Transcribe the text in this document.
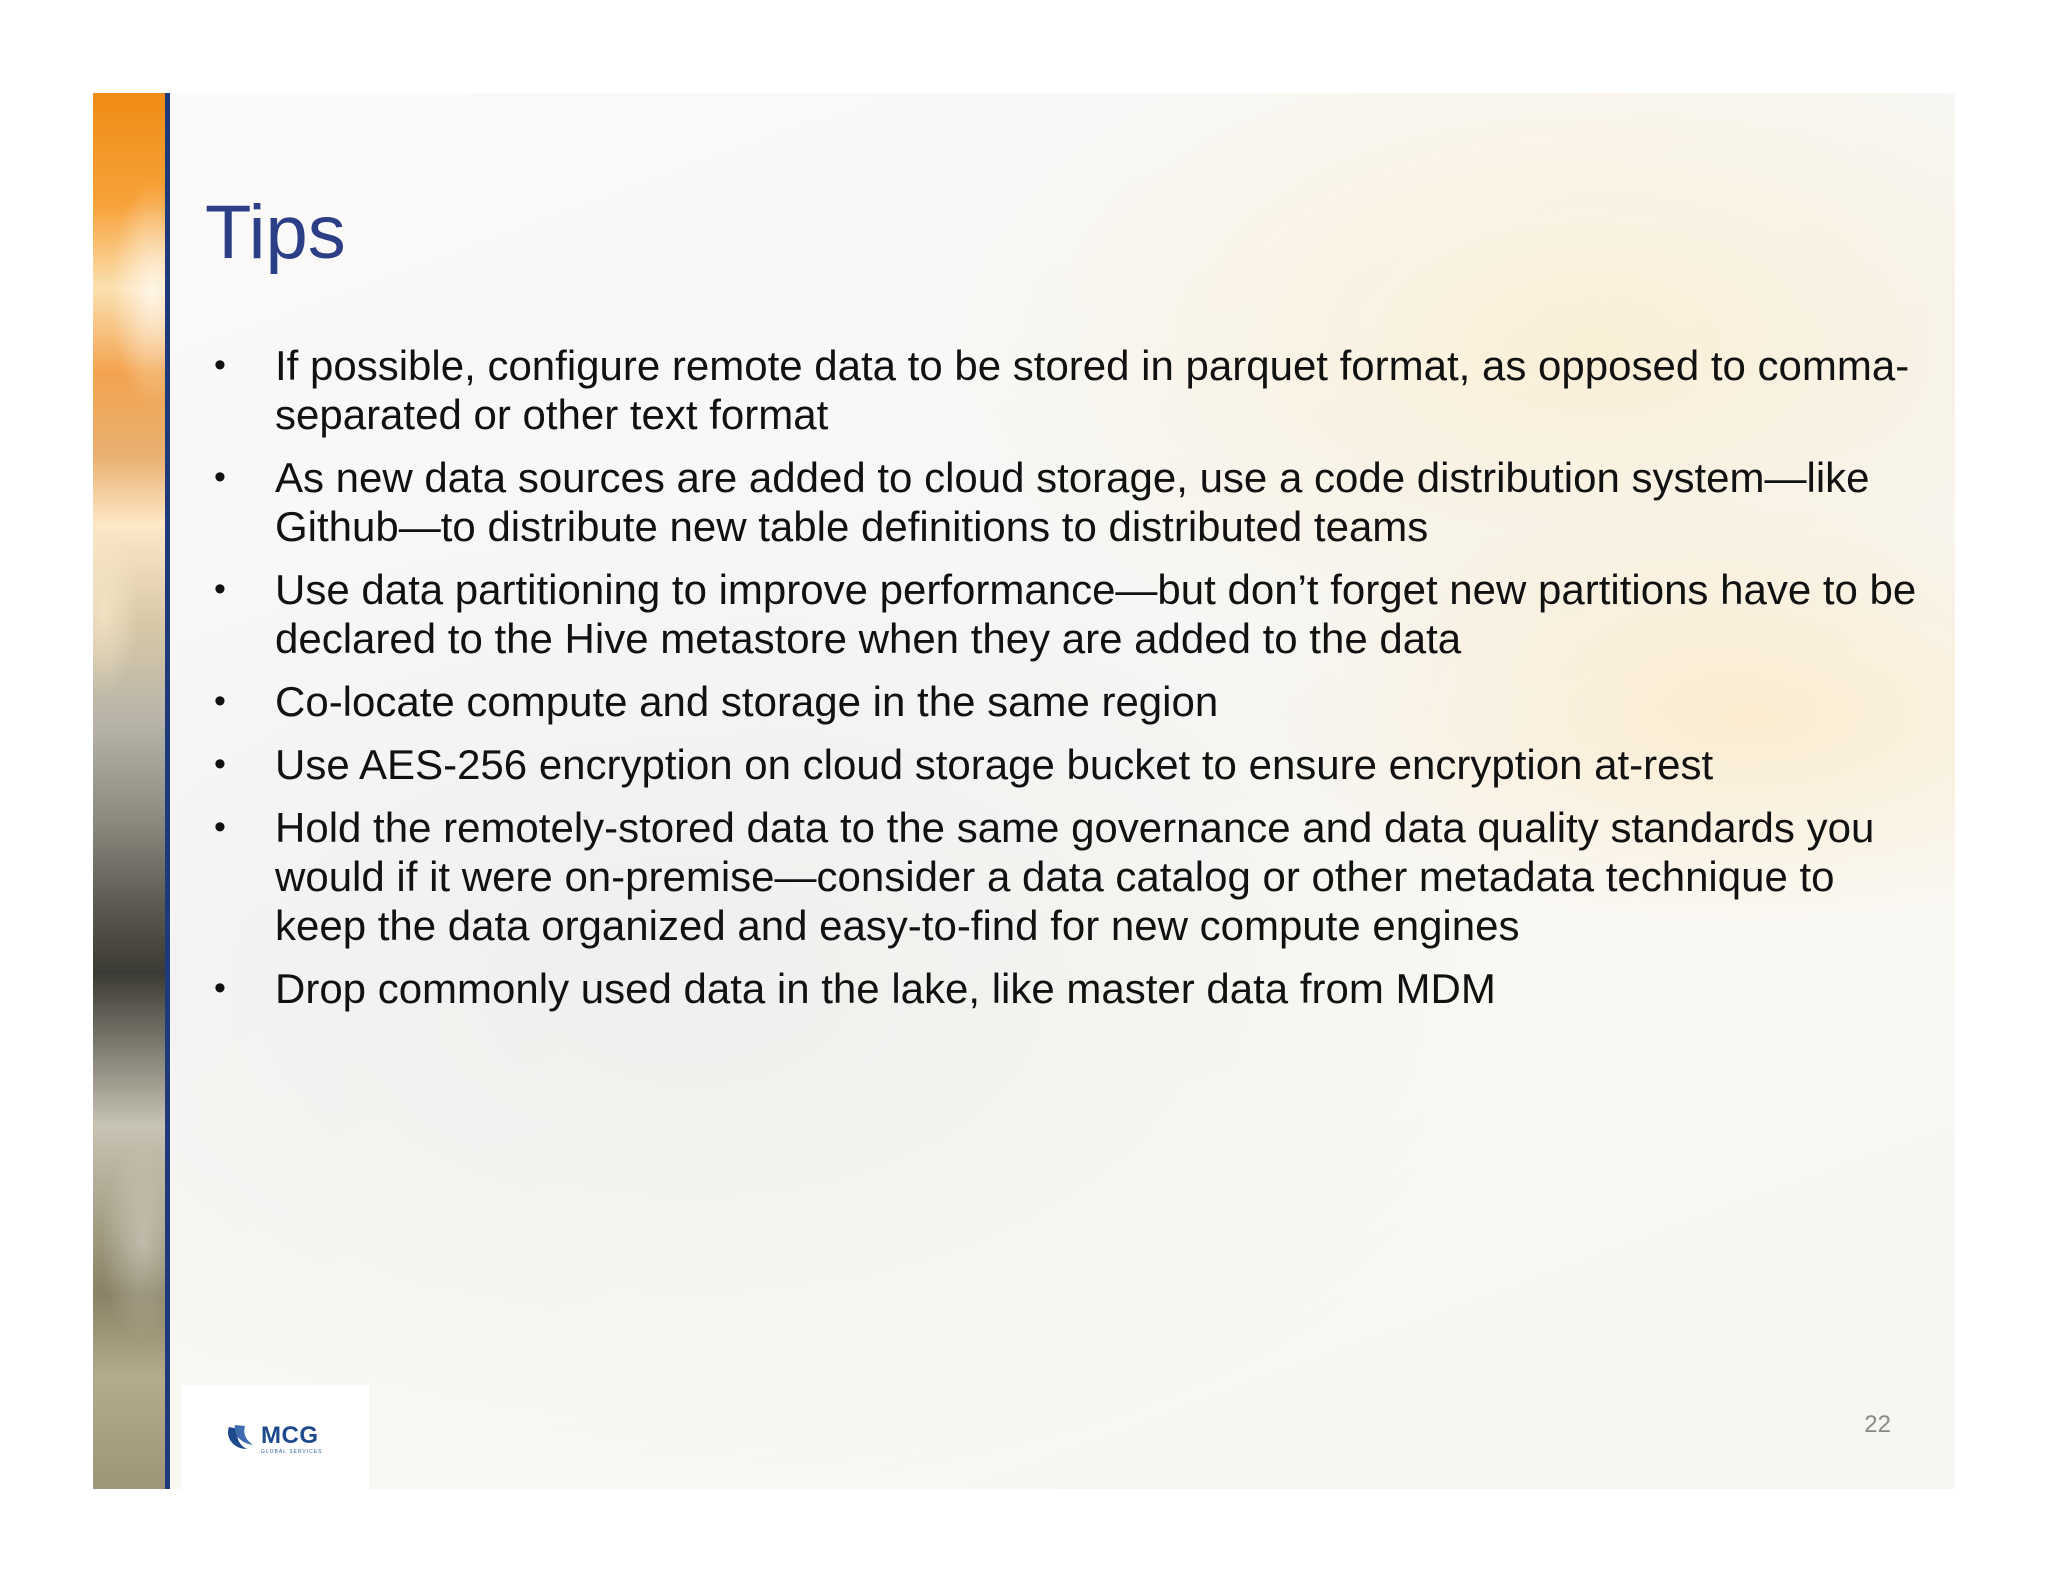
Tips
• If possible, configure remote data to be stored in parquet format, as opposed to comma-separated or other text format
• As new data sources are added to cloud storage, use a code distribution system—like Github—to distribute new table definitions to distributed teams
• Use data partitioning to improve performance—but don’t forget new partitions have to be declared to the Hive metastore when they are added to the data
• Co-locate compute and storage in the same region
• Use AES-256 encryption on cloud storage bucket to ensure encryption at-rest
• Hold the remotely-stored data to the same governance and data quality standards you would if it were on-premise—consider a data catalog or other metadata technique to keep the data organized and easy-to-find for new compute engines
• Drop commonly used data in the lake, like master data from MDM
MCG
GLOBAL SERVICES
22
